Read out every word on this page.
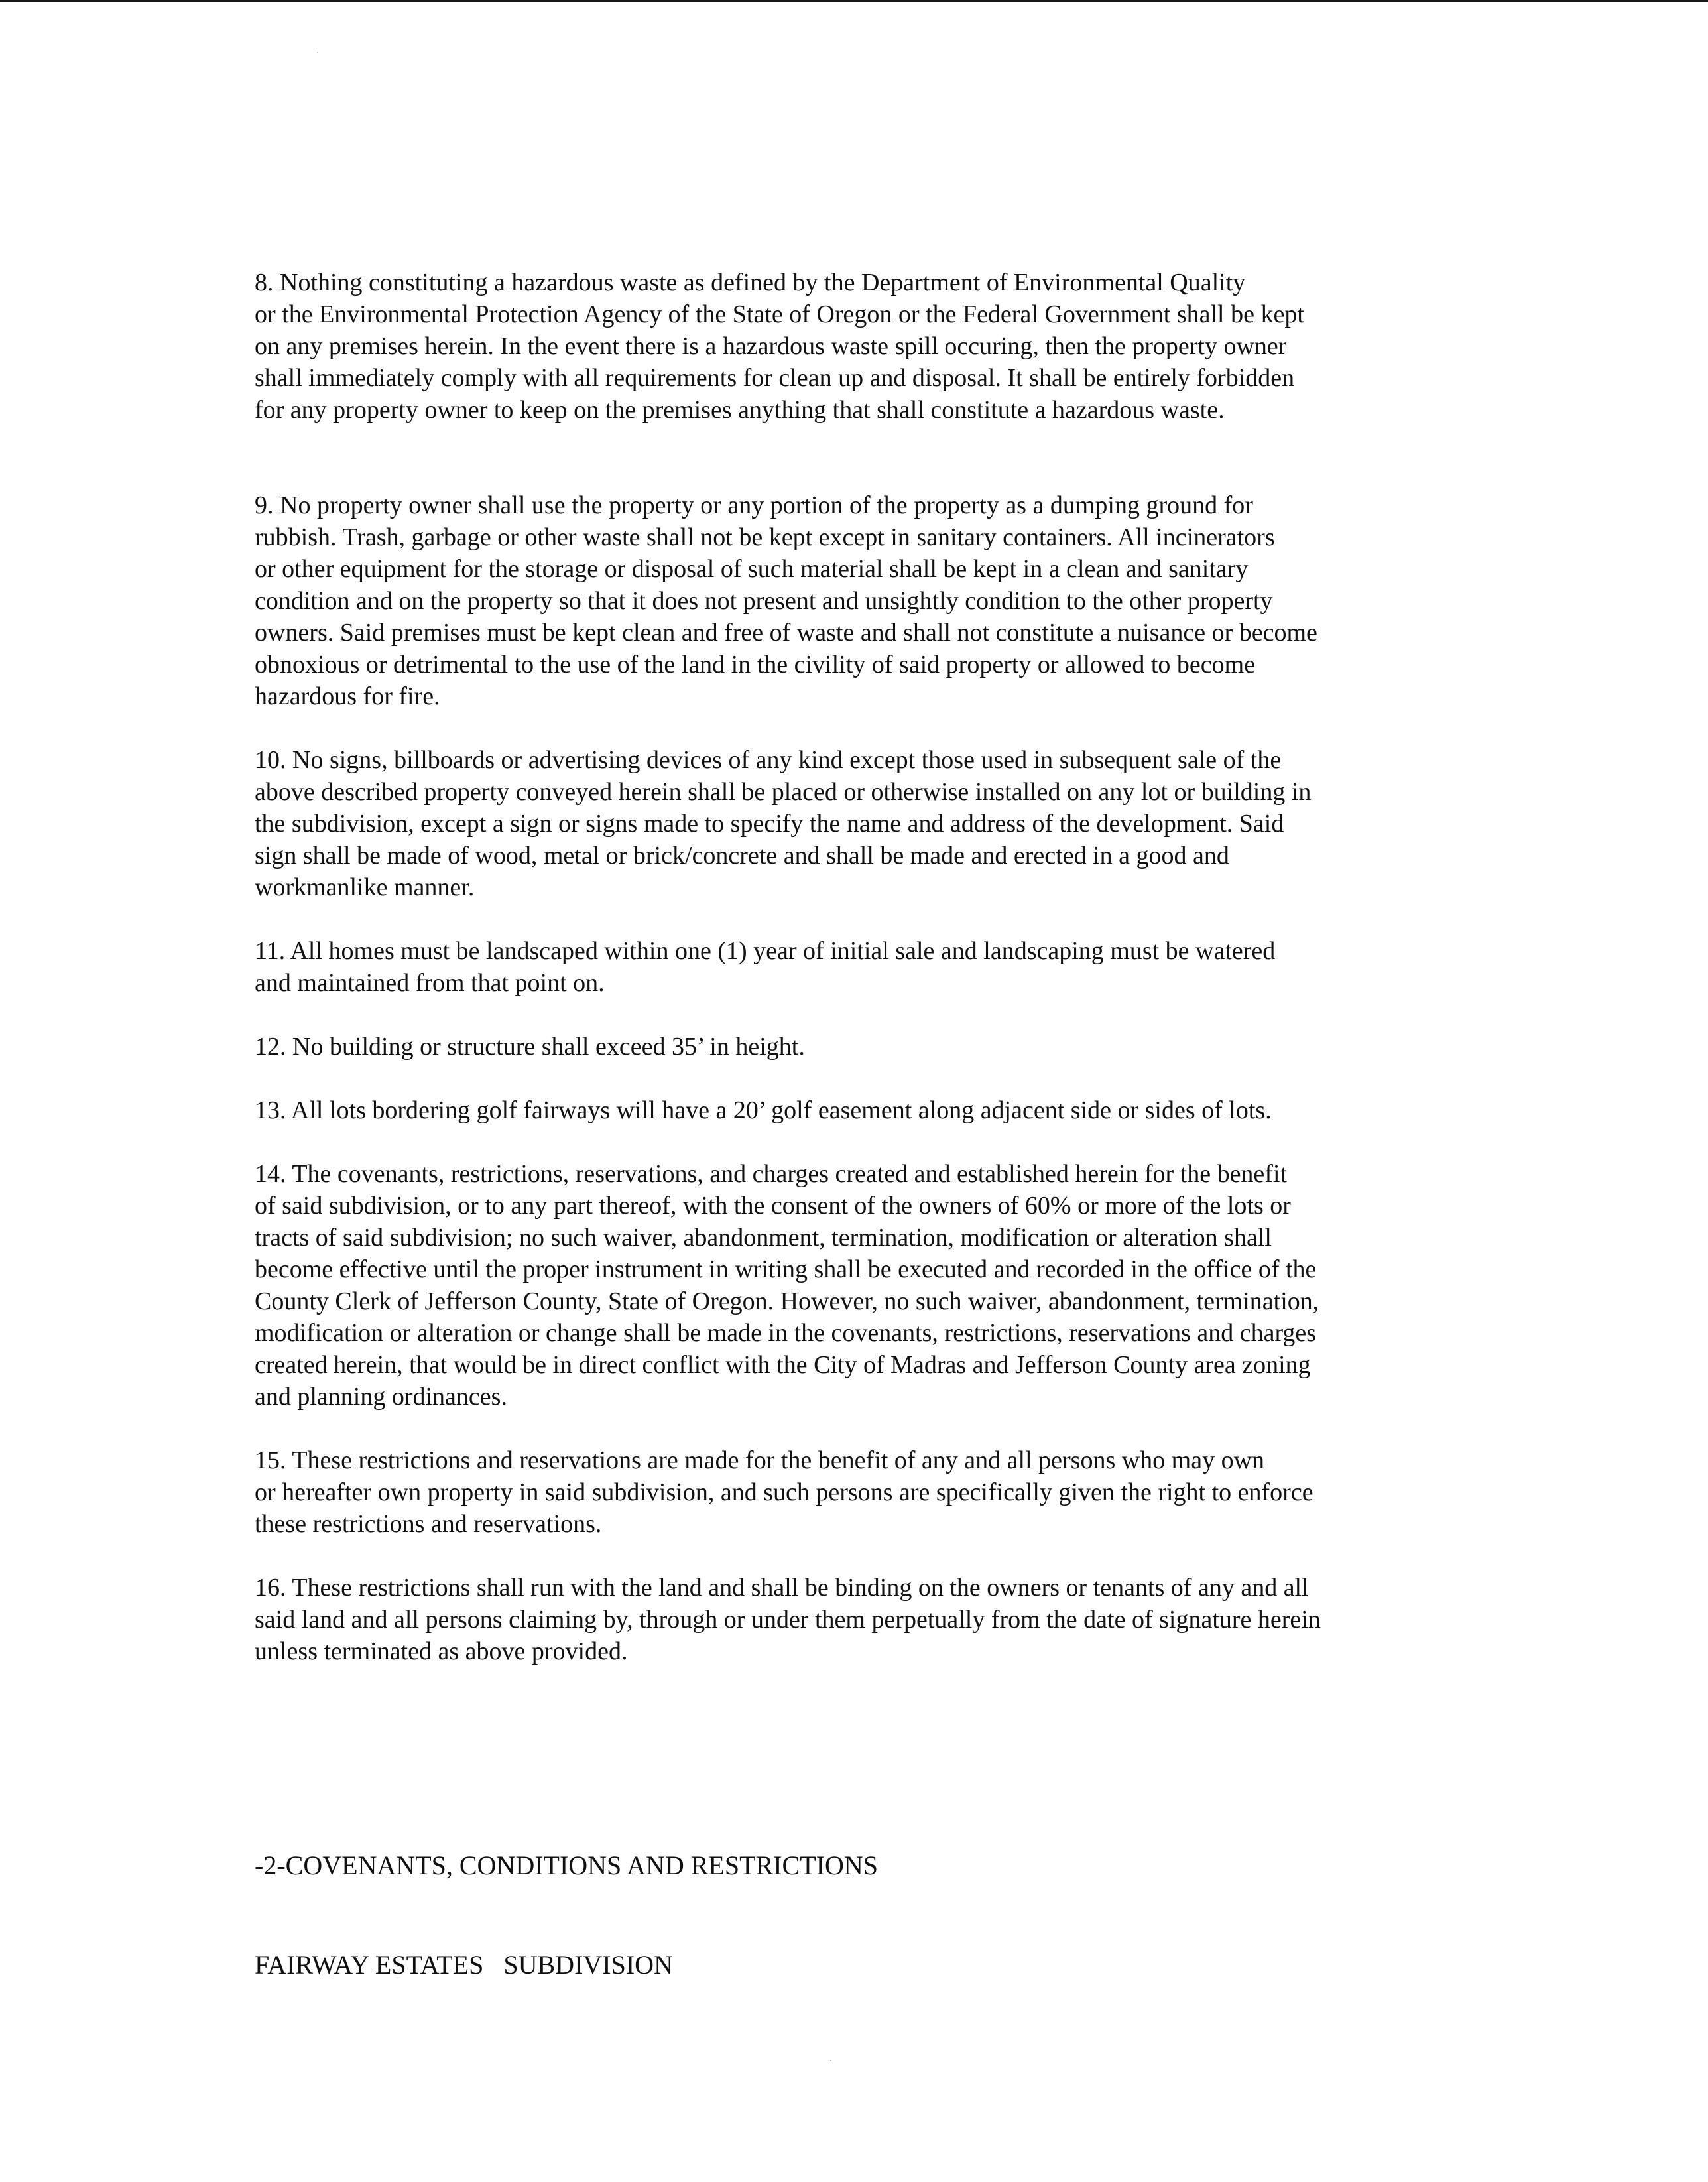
8. Nothing constituting a hazardous waste as defined by the Department of Environmental Quality
or the Environmental Protection Agency of the State of Oregon or the Federal Government shall be kept
on any premises herein. In the event there is a hazardous waste spill occuring, then the property owner
shall immediately comply with all requirements for clean up and disposal. It shall be entirely forbidden
for any property owner to keep on the premises anything that shall constitute a hazardous waste.

9. No property owner shall use the property or any portion of the property as a dumping ground for
rubbish. Trash, garbage or other waste shall not be kept except in sanitary containers. All incinerators
or other equipment for the storage or disposal of such material shall be kept in a clean and sanitary
condition and on the property so that it does not present and unsightly condition to the other property
owners. Said premises must be kept clean and free of waste and shall not constitute a nuisance or become
obnoxious or detrimental to the use of the land in the civility of said property or allowed to become
hazardous for fire.

10. No signs, billboards or advertising devices of any kind except those used in subsequent sale of the
above described property conveyed herein shall be placed or otherwise installed on any lot or building in
the subdivision, except a sign or signs made to specify the name and address of the development. Said
sign shall be made of wood, metal or brick/concrete and shall be made and erected in a good and
workmanlike manner.

11. All homes must be landscaped within one (1) year of initial sale and landscaping must be watered
and maintained from that point on.

12. No building or structure shall exceed 35’ in height.

13. All lots bordering golf fairways will have a 20’ golf easement along adjacent side or sides of lots.

14. The covenants, restrictions, reservations, and charges created and established herein for the benefit
of said subdivision, or to any part thereof, with the consent of the owners of 60% or more of the lots or
tracts of said subdivision; no such waiver, abandonment, termination, modification or alteration shall
become effective until the proper instrument in writing shall be executed and recorded in the office of the
County Clerk of Jefferson County, State of Oregon. However, no such waiver, abandonment, termination,
modification or alteration or change shall be made in the covenants, restrictions, reservations and charges
created herein, that would be in direct conflict with the City of Madras and Jefferson County area zoning
and planning ordinances.

15. These restrictions and reservations are made for the benefit of any and all persons who may own
or hereafter own property in said subdivision, and such persons are specifically given the right to enforce
these restrictions and reservations.

16. These restrictions shall run with the land and shall be binding on the owners or tenants of any and all
said land and all persons claiming by, through or under them perpetually from the date of signature herein
unless terminated as above provided.

-2-COVENANTS, CONDITIONS AND RESTRICTIONS

FAIRWAY ESTATES   SUBDIVISION
